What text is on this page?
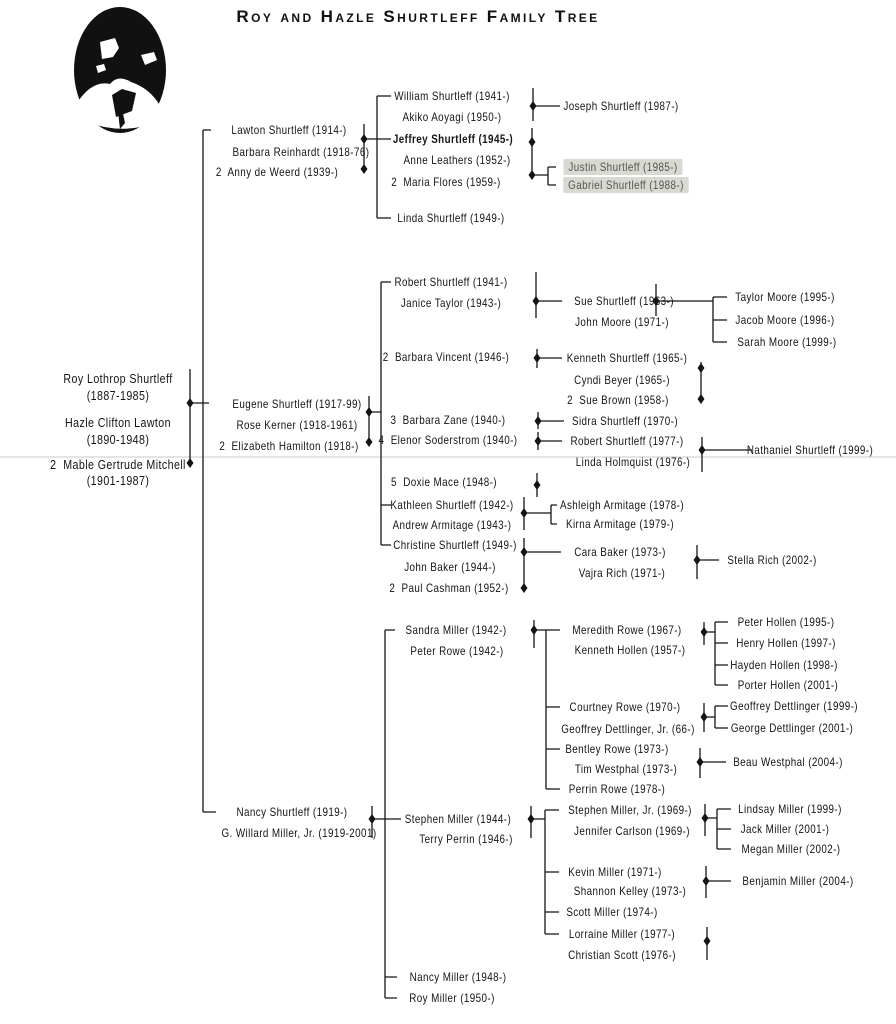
Roy and Hazle Shurtleff Family Tree
Roy Lothrop Shurtleff
(1887-1985)
Hazle Clifton Lawton
(1890-1948)
2  Mable Gertrude Mitchell
(1901-1987)
Lawton Shurtleff (1914-)
Barbara Reinhardt (1918-76)
2  Anny de Weerd (1939-)
Eugene Shurtleff (1917-99)
Rose Kerner (1918-1961)
2  Elizabeth Hamilton (1918-)
Nancy Shurtleff (1919-)
G. Willard Miller, Jr. (1919-2001)
William Shurtleff (1941-)
Akiko Aoyagi (1950-)
Jeffrey Shurtleff (1945-)
Anne Leathers (1952-)
2  Maria Flores (1959-)
Linda Shurtleff (1949-)
Robert Shurtleff (1941-)
Janice Taylor (1943-)
2  Barbara Vincent (1946-)
3  Barbara Zane (1940-)
4  Elenor Soderstrom (1940-)
5  Doxie Mace (1948-)
Kathleen Shurtleff (1942-)
Andrew Armitage (1943-)
Christine Shurtleff (1949-)
John Baker (1944-)
2  Paul Cashman (1952-)
Sandra Miller (1942-)
Peter Rowe (1942-)
Stephen Miller (1944-)
Terry Perrin (1946-)
Nancy Miller (1948-)
Roy Miller (1950-)
Joseph Shurtleff (1987-)
Justin Shurtleff (1985-)
Gabriel Shurtleff (1988-)
Sue Shurtleff (1963-)
John Moore (1971-)
Kenneth Shurtleff (1965-)
Cyndi Beyer (1965-)
2  Sue Brown (1958-)
Sidra Shurtleff (1970-)
Robert Shurtleff (1977-)
Linda Holmquist (1976-)
Ashleigh Armitage (1978-)
Kirna Armitage (1979-)
Cara Baker (1973-)
Vajra Rich (1971-)
Meredith Rowe (1967-)
Kenneth Hollen (1957-)
Courtney Rowe (1970-)
Geoffrey Dettlinger, Jr. (66-)
Bentley Rowe (1973-)
Tim Westphal (1973-)
Perrin Rowe (1978-)
Stephen Miller, Jr. (1969-)
Jennifer Carlson (1969-)
Kevin Miller (1971-)
Shannon Kelley (1973-)
Scott Miller (1974-)
Lorraine Miller (1977-)
Christian Scott (1976-)
Taylor Moore (1995-)
Jacob Moore (1996-)
Sarah Moore (1999-)
Nathaniel Shurtleff (1999-)
Stella Rich (2002-)
Peter Hollen (1995-)
Henry Hollen (1997-)
Hayden Hollen (1998-)
Porter Hollen (2001-)
Geoffrey Dettlinger (1999-)
George Dettlinger (2001-)
Beau Westphal (2004-)
Lindsay Miller (1999-)
Jack Miller (2001-)
Megan Miller (2002-)
Benjamin Miller (2004-)
